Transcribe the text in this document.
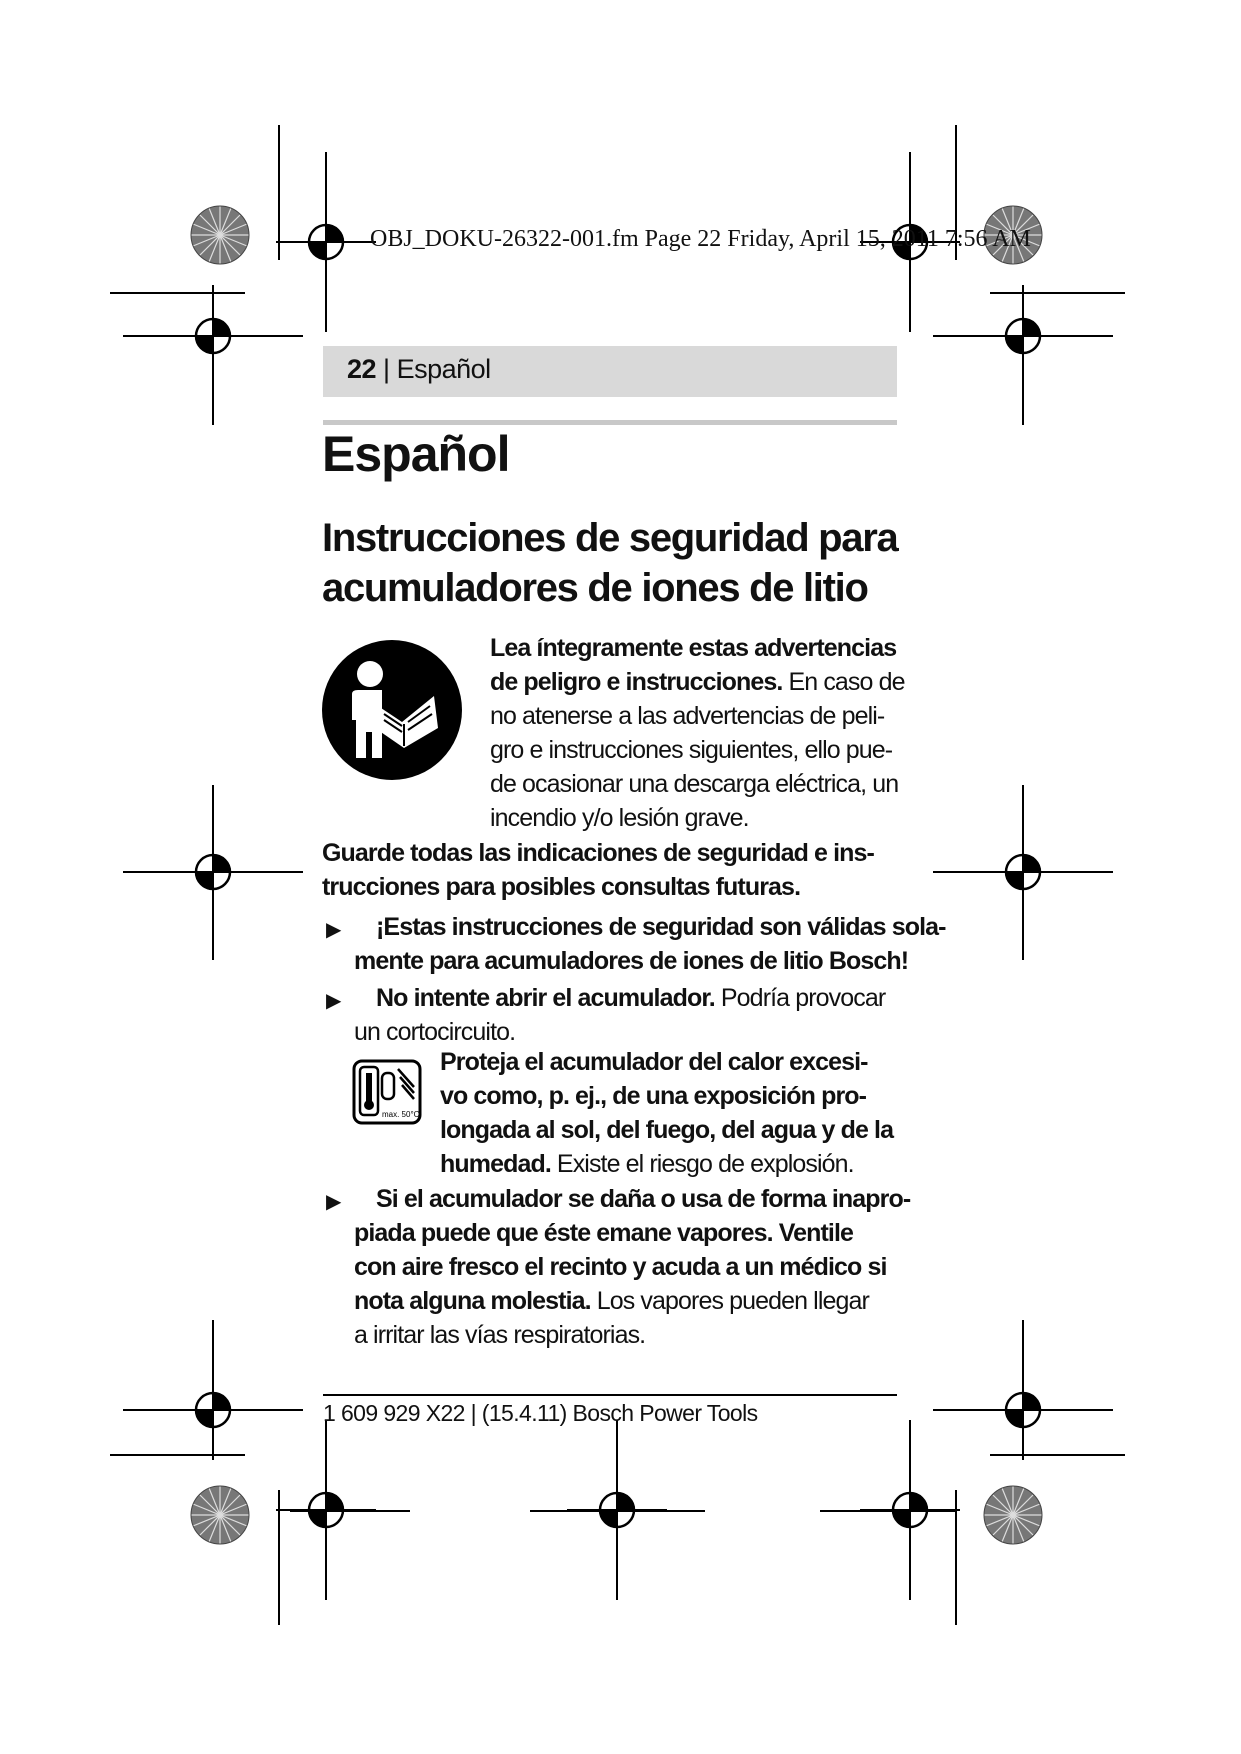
OBJ_DOKU-26322-001.fm Page 22 Friday, April 15, 2011 7:56 AM
22 | Español
Español
Instrucciones de seguridad para
acumuladores de iones de litio
Lea íntegramente estas advertencias
de peligro e instrucciones. En caso de
no atenerse a las advertencias de peli-
gro e instrucciones siguientes, ello pue-
de ocasionar una descarga eléctrica, un
incendio y/o lesión grave.
Guarde todas las indicaciones de seguridad e ins-
trucciones para posibles consultas futuras.
▶ ¡Estas instrucciones de seguridad son válidas sola-
mente para acumuladores de iones de litio Bosch!
▶ No intente abrir el acumulador. Podría provocar
un cortocircuito.
max. 50°C
Proteja el acumulador del calor excesi-
vo como, p. ej., de una exposición pro-
longada al sol, del fuego, del agua y de la
humedad. Existe el riesgo de explosión.
▶ Si el acumulador se daña o usa de forma inapro-
piada puede que éste emane vapores. Ventile
con aire fresco el recinto y acuda a un médico si
nota alguna molestia. Los vapores pueden llegar
a irritar las vías respiratorias.
1 609 929 X22 | (15.4.11) Bosch Power Tools
